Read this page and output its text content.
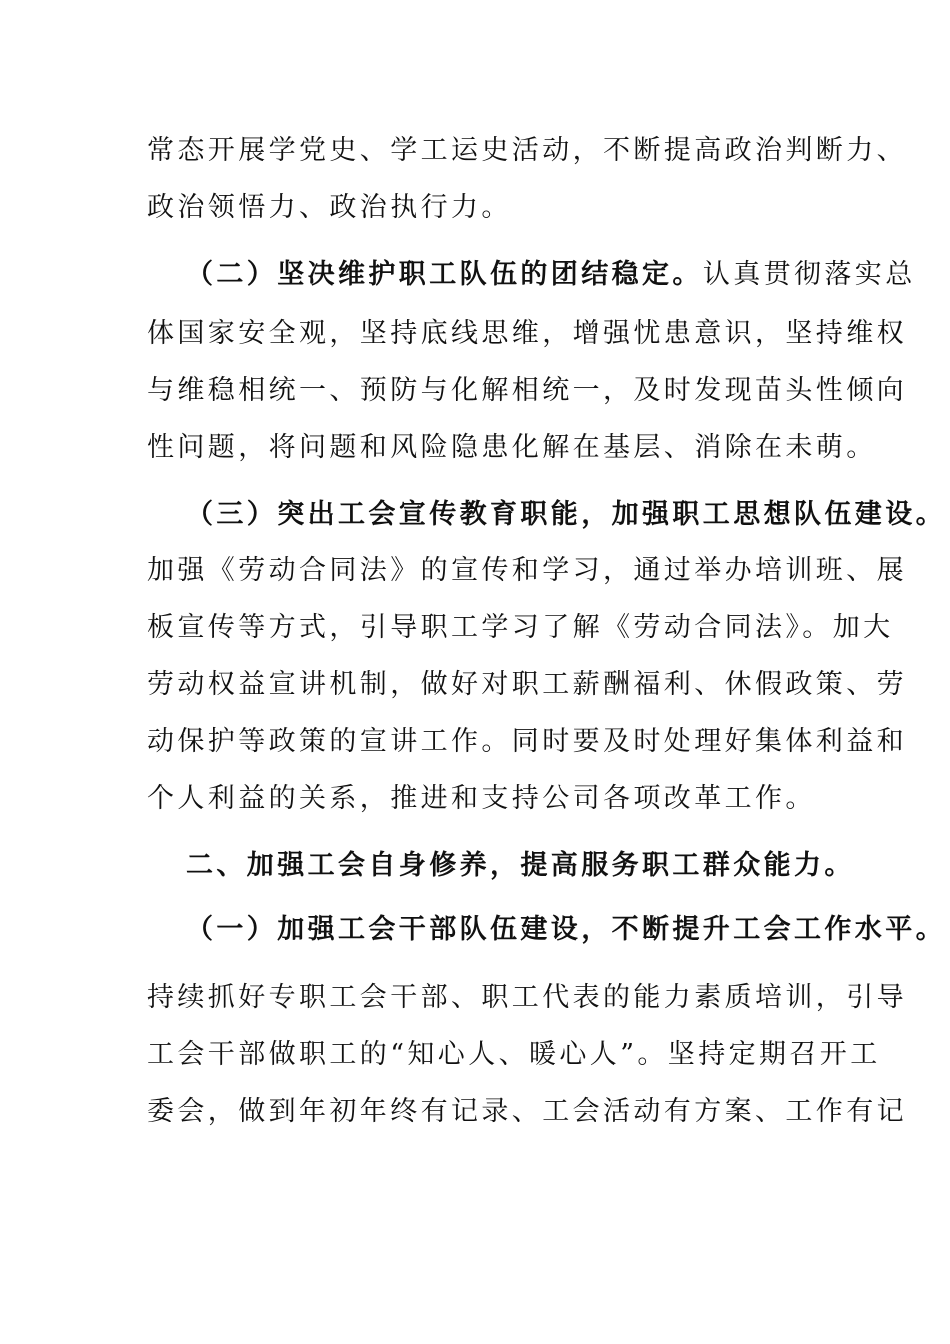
常态开展学党史、学工运史活动，不断提高政治判断力、
政治领悟力、政治执行力。
（二）坚决维护职工队伍的团结稳定。认真贯彻落实总
体国家安全观，坚持底线思维，增强忧患意识，坚持维权
与维稳相统一、预防与化解相统一，及时发现苗头性倾向
性问题，将问题和风险隐患化解在基层、消除在未萌。
（三）突出工会宣传教育职能，加强职工思想队伍建设。
加强《劳动合同法》的宣传和学习，通过举办培训班、展
板宣传等方式，引导职工学习了解《劳动合同法》。加大
劳动权益宣讲机制，做好对职工薪酬福利、休假政策、劳
动保护等政策的宣讲工作。同时要及时处理好集体利益和
个人利益的关系，推进和支持公司各项改革工作。
二、加强工会自身修养，提高服务职工群众能力。
（一）加强工会干部队伍建设，不断提升工会工作水平。
持续抓好专职工会干部、职工代表的能力素质培训，引导
工会干部做职工的“知心人、暖心人”。坚持定期召开工
委会，做到年初年终有记录、工会活动有方案、工作有记
